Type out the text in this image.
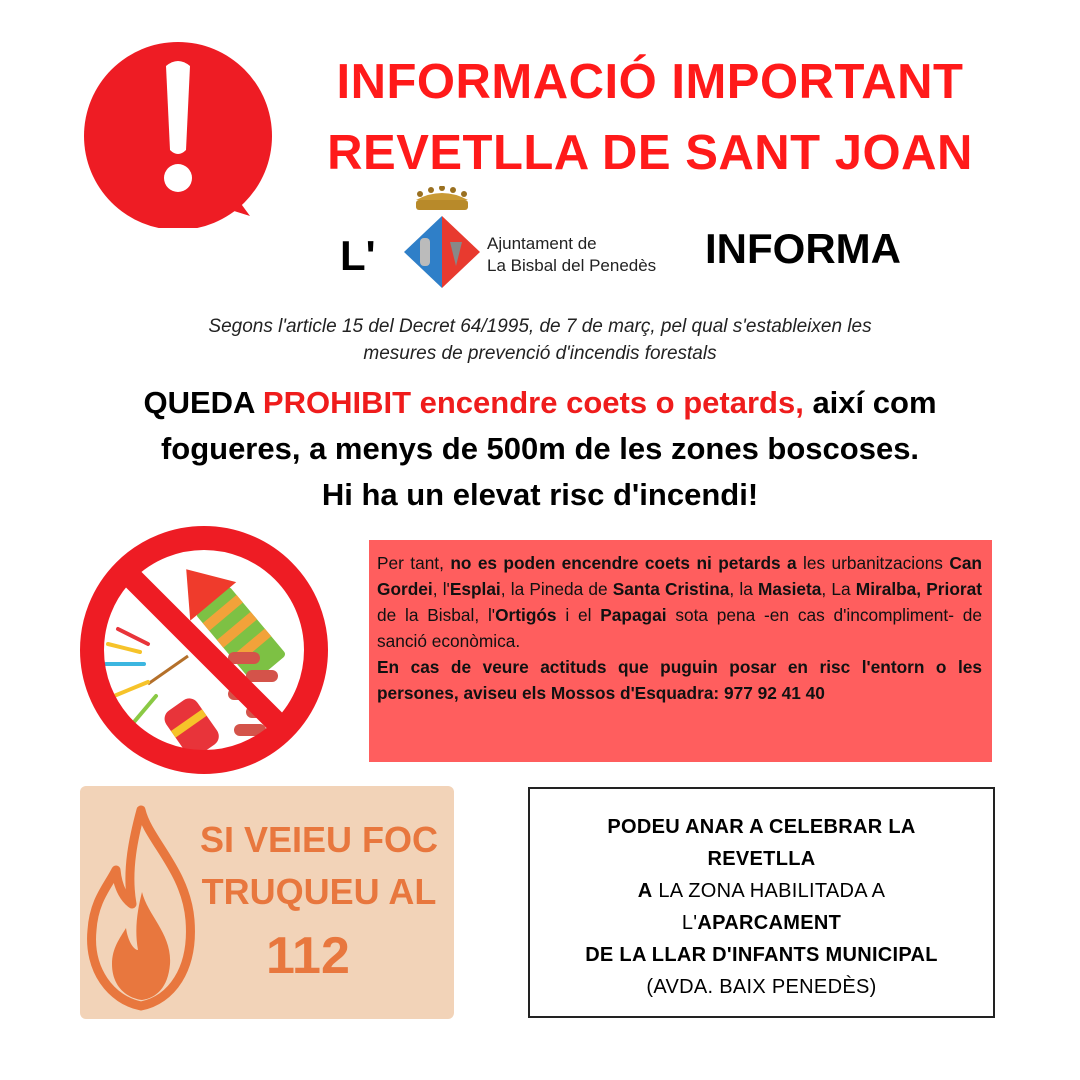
INFORMACIÓ IMPORTANT
REVETLLA DE SANT JOAN
L'	Ajuntament de
La Bisbal del Penedès INFORMA
Segons l'article 15 del Decret 64/1995, de 7 de març, pel qual s'estableixen les
mesures de prevenció d'incendis forestals
QUEDA PROHIBIT encendre coets o petards, així com
fogueres, a menys de 500m de les zones boscoses.
Hi ha un elevat risc d'incendi!
Per tant, no es poden encendre coets ni petards a les urbanitzacions Can Gordei, l'Esplai, la Pineda de Santa Cristina, la Masieta, La Miralba, Priorat de la Bisbal, l'Ortigós i el Papagai sota pena -en cas d'incompliment- de sanció econòmica.
En cas de veure actituds que puguin posar en risc l'entorn o les persones, aviseu els Mossos d'Esquadra: 977 92 41 40
SI VEIEU FOC
TRUQUEU AL
112
PODEU ANAR A CELEBRAR LA
REVETLLA
A LA ZONA HABILITADA A
L'APARCAMENT
DE LA LLAR D'INFANTS MUNICIPAL
(AVDA. BAIX PENEDÈS)
